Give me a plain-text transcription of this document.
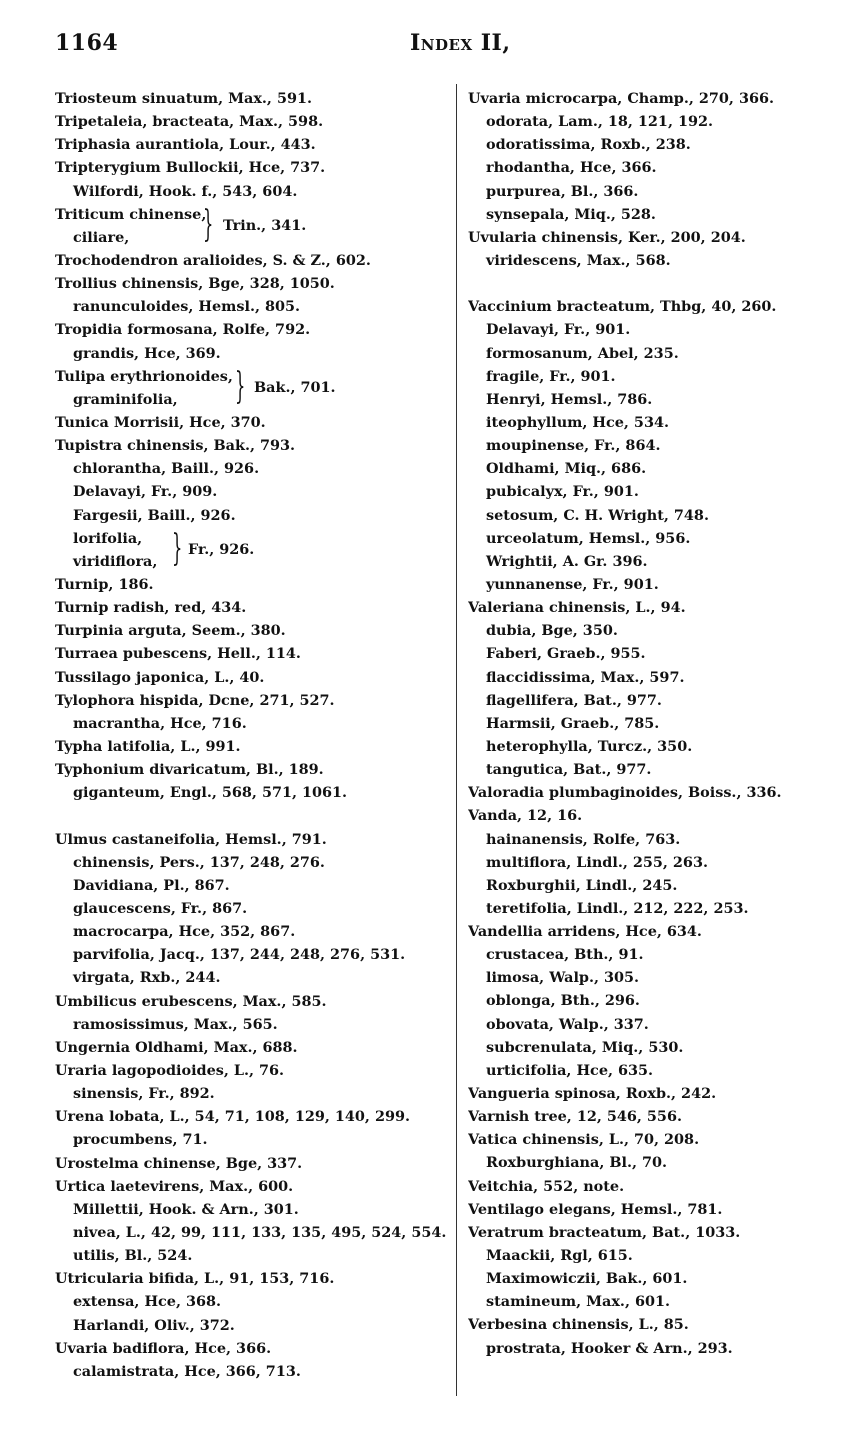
1164	Index II,
Triosteum sinuatum, Max., 591.
Tripetaleia, bracteata, Max., 598.
Triphasia aurantiola, Lour., 443.
Tripterygium Bullockii, Hce, 737.
Wilfordi, Hook. f., 543, 604.
Triticum chinense,
ciliare, } Trin., 341.
Trochodendron aralioides, S. & Z., 602.
Trollius chinensis, Bge, 328, 1050.
ranunculoides, Hemsl., 805.
Tropidia formosana, Rolfe, 792.
grandis, Hce, 369.
Tulipa erythrionoides,
graminifolia, } Bak., 701.
Tunica Morrisii, Hce, 370.
Tupistra chinensis, Bak., 793.
chlorantha, Baill., 926.
Delavayi, Fr., 909.
Fargesii, Baill., 926.
lorifolia,
viridiflora, } Fr., 926.
Turnip, 186.
Turnip radish, red, 434.
Turpinia arguta, Seem., 380.
Turraea pubescens, Hell., 114.
Tussilago japonica, L., 40.
Tylophora hispida, Dcne, 271, 527.
macrantha, Hce, 716.
Typha latifolia, L., 991.
Typhonium divaricatum, Bl., 189.
giganteum, Engl., 568, 571, 1061.
Ulmus castaneifolia, Hemsl., 791.
chinensis, Pers., 137, 248, 276.
Davidiana, Pl., 867.
glaucescens, Fr., 867.
macrocarpa, Hce, 352, 867.
parvifolia, Jacq., 137, 244, 248, 276, 531.
virgata, Rxb., 244.
Umbilicus erubescens, Max., 585.
ramosissimus, Max., 565.
Ungernia Oldhami, Max., 688.
Uraria lagopodioides, L., 76.
sinensis, Fr., 892.
Urena lobata, L., 54, 71, 108, 129, 140, 299.
procumbens, 71.
Urostelma chinense, Bge, 337.
Urtica laetevirens, Max., 600.
Millettii, Hook. & Arn., 301.
nivea, L., 42, 99, 111, 133, 135, 495, 524, 554.
utilis, Bl., 524.
Utricularia bifida, L., 91, 153, 716.
extensa, Hce, 368.
Harlandi, Oliv., 372.
Uvaria badiflora, Hce, 366.
calamistrata, Hce, 366, 713.
Uvaria microcarpa, Champ., 270, 366.
odorata, Lam., 18, 121, 192.
odoratissima, Roxb., 238.
rhodantha, Hce, 366.
purpurea, Bl., 366.
synsepala, Miq., 528.
Uvularia chinensis, Ker., 200, 204.
viridescens, Max., 568.
Vaccinium bracteatum, Thbg, 40, 260.
Delavayi, Fr., 901.
formosanum, Abel, 235.
fragile, Fr., 901.
Henryi, Hemsl., 786.
iteophyllum, Hce, 534.
moupinense, Fr., 864.
Oldhami, Miq., 686.
pubicalyx, Fr., 901.
setosum, C. H. Wright, 748.
urceolatum, Hemsl., 956.
Wrightii, A. Gr. 396.
yunnanense, Fr., 901.
Valeriana chinensis, L., 94.
dubia, Bge, 350.
Faberi, Graeb., 955.
flaccidissima, Max., 597.
flagellifera, Bat., 977.
Harmsii, Graeb., 785.
heterophylla, Turcz., 350.
tangutica, Bat., 977.
Valoradia plumbaginoides, Boiss., 336.
Vanda, 12, 16.
hainanensis, Rolfe, 763.
multiflora, Lindl., 255, 263.
Roxburghii, Lindl., 245.
teretifolia, Lindl., 212, 222, 253.
Vandellia arridens, Hce, 634.
crustacea, Bth., 91.
limosa, Walp., 305.
oblonga, Bth., 296.
obovata, Walp., 337.
subcrenulata, Miq., 530.
urticifolia, Hce, 635.
Vangueria spinosa, Roxb., 242.
Varnish tree, 12, 546, 556.
Vatica chinensis, L., 70, 208.
Roxburghiana, Bl., 70.
Veitchia, 552, note.
Ventilago elegans, Hemsl., 781.
Veratrum bracteatum, Bat., 1033.
Maackii, Rgl, 615.
Maximowiczii, Bak., 601.
stamineum, Max., 601.
Verbesina chinensis, L., 85.
prostrata, Hooker & Arn., 293.
